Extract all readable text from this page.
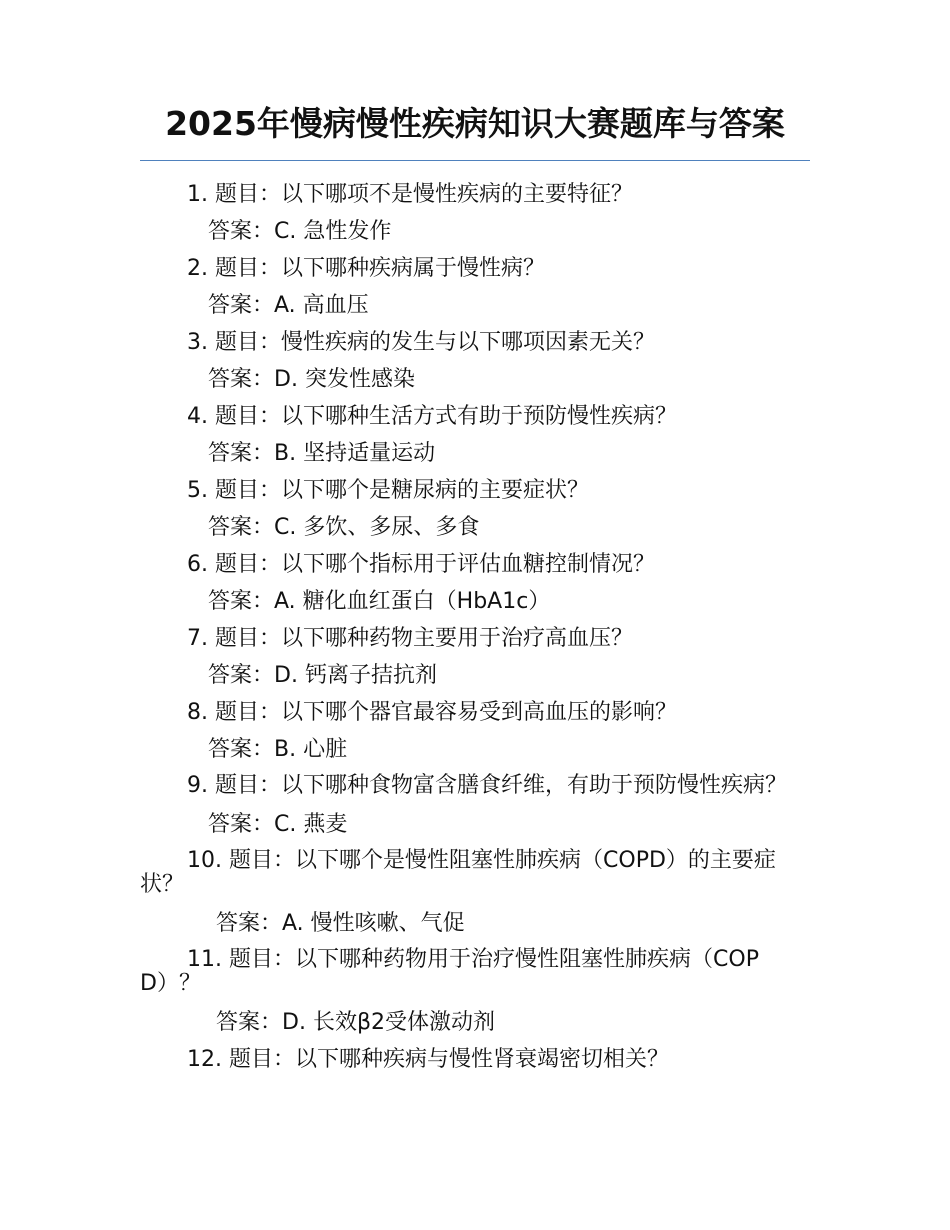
2025年慢病慢性疾病知识大赛题库与答案

1. 题目：以下哪项不是慢性疾病的主要特征？

答案：C. 急性发作

2. 题目：以下哪种疾病属于慢性病？

答案：A. 高血压

3. 题目：慢性疾病的发生与以下哪项因素无关？

答案：D. 突发性感染

4. 题目：以下哪种生活方式有助于预防慢性疾病？

答案：B. 坚持适量运动

5. 题目：以下哪个是糖尿病的主要症状？

答案：C. 多饮、多尿、多食

6. 题目：以下哪个指标用于评估血糖控制情况？

答案：A. 糖化血红蛋白（HbA1c）

7. 题目：以下哪种药物主要用于治疗高血压？

答案：D. 钙离子拮抗剂

8. 题目：以下哪个器官最容易受到高血压的影响？

答案：B. 心脏

9. 题目：以下哪种食物富含膳食纤维，有助于预防慢性疾病？

答案：C. 燕麦

10. 题目：以下哪个是慢性阻塞性肺疾病（COPD）的主要症状？

答案：A. 慢性咳嗽、气促

11. 题目：以下哪种药物用于治疗慢性阻塞性肺疾病（COPD）？

答案：D. 长效β2受体激动剂

12. 题目：以下哪种疾病与慢性肾衰竭密切相关？
